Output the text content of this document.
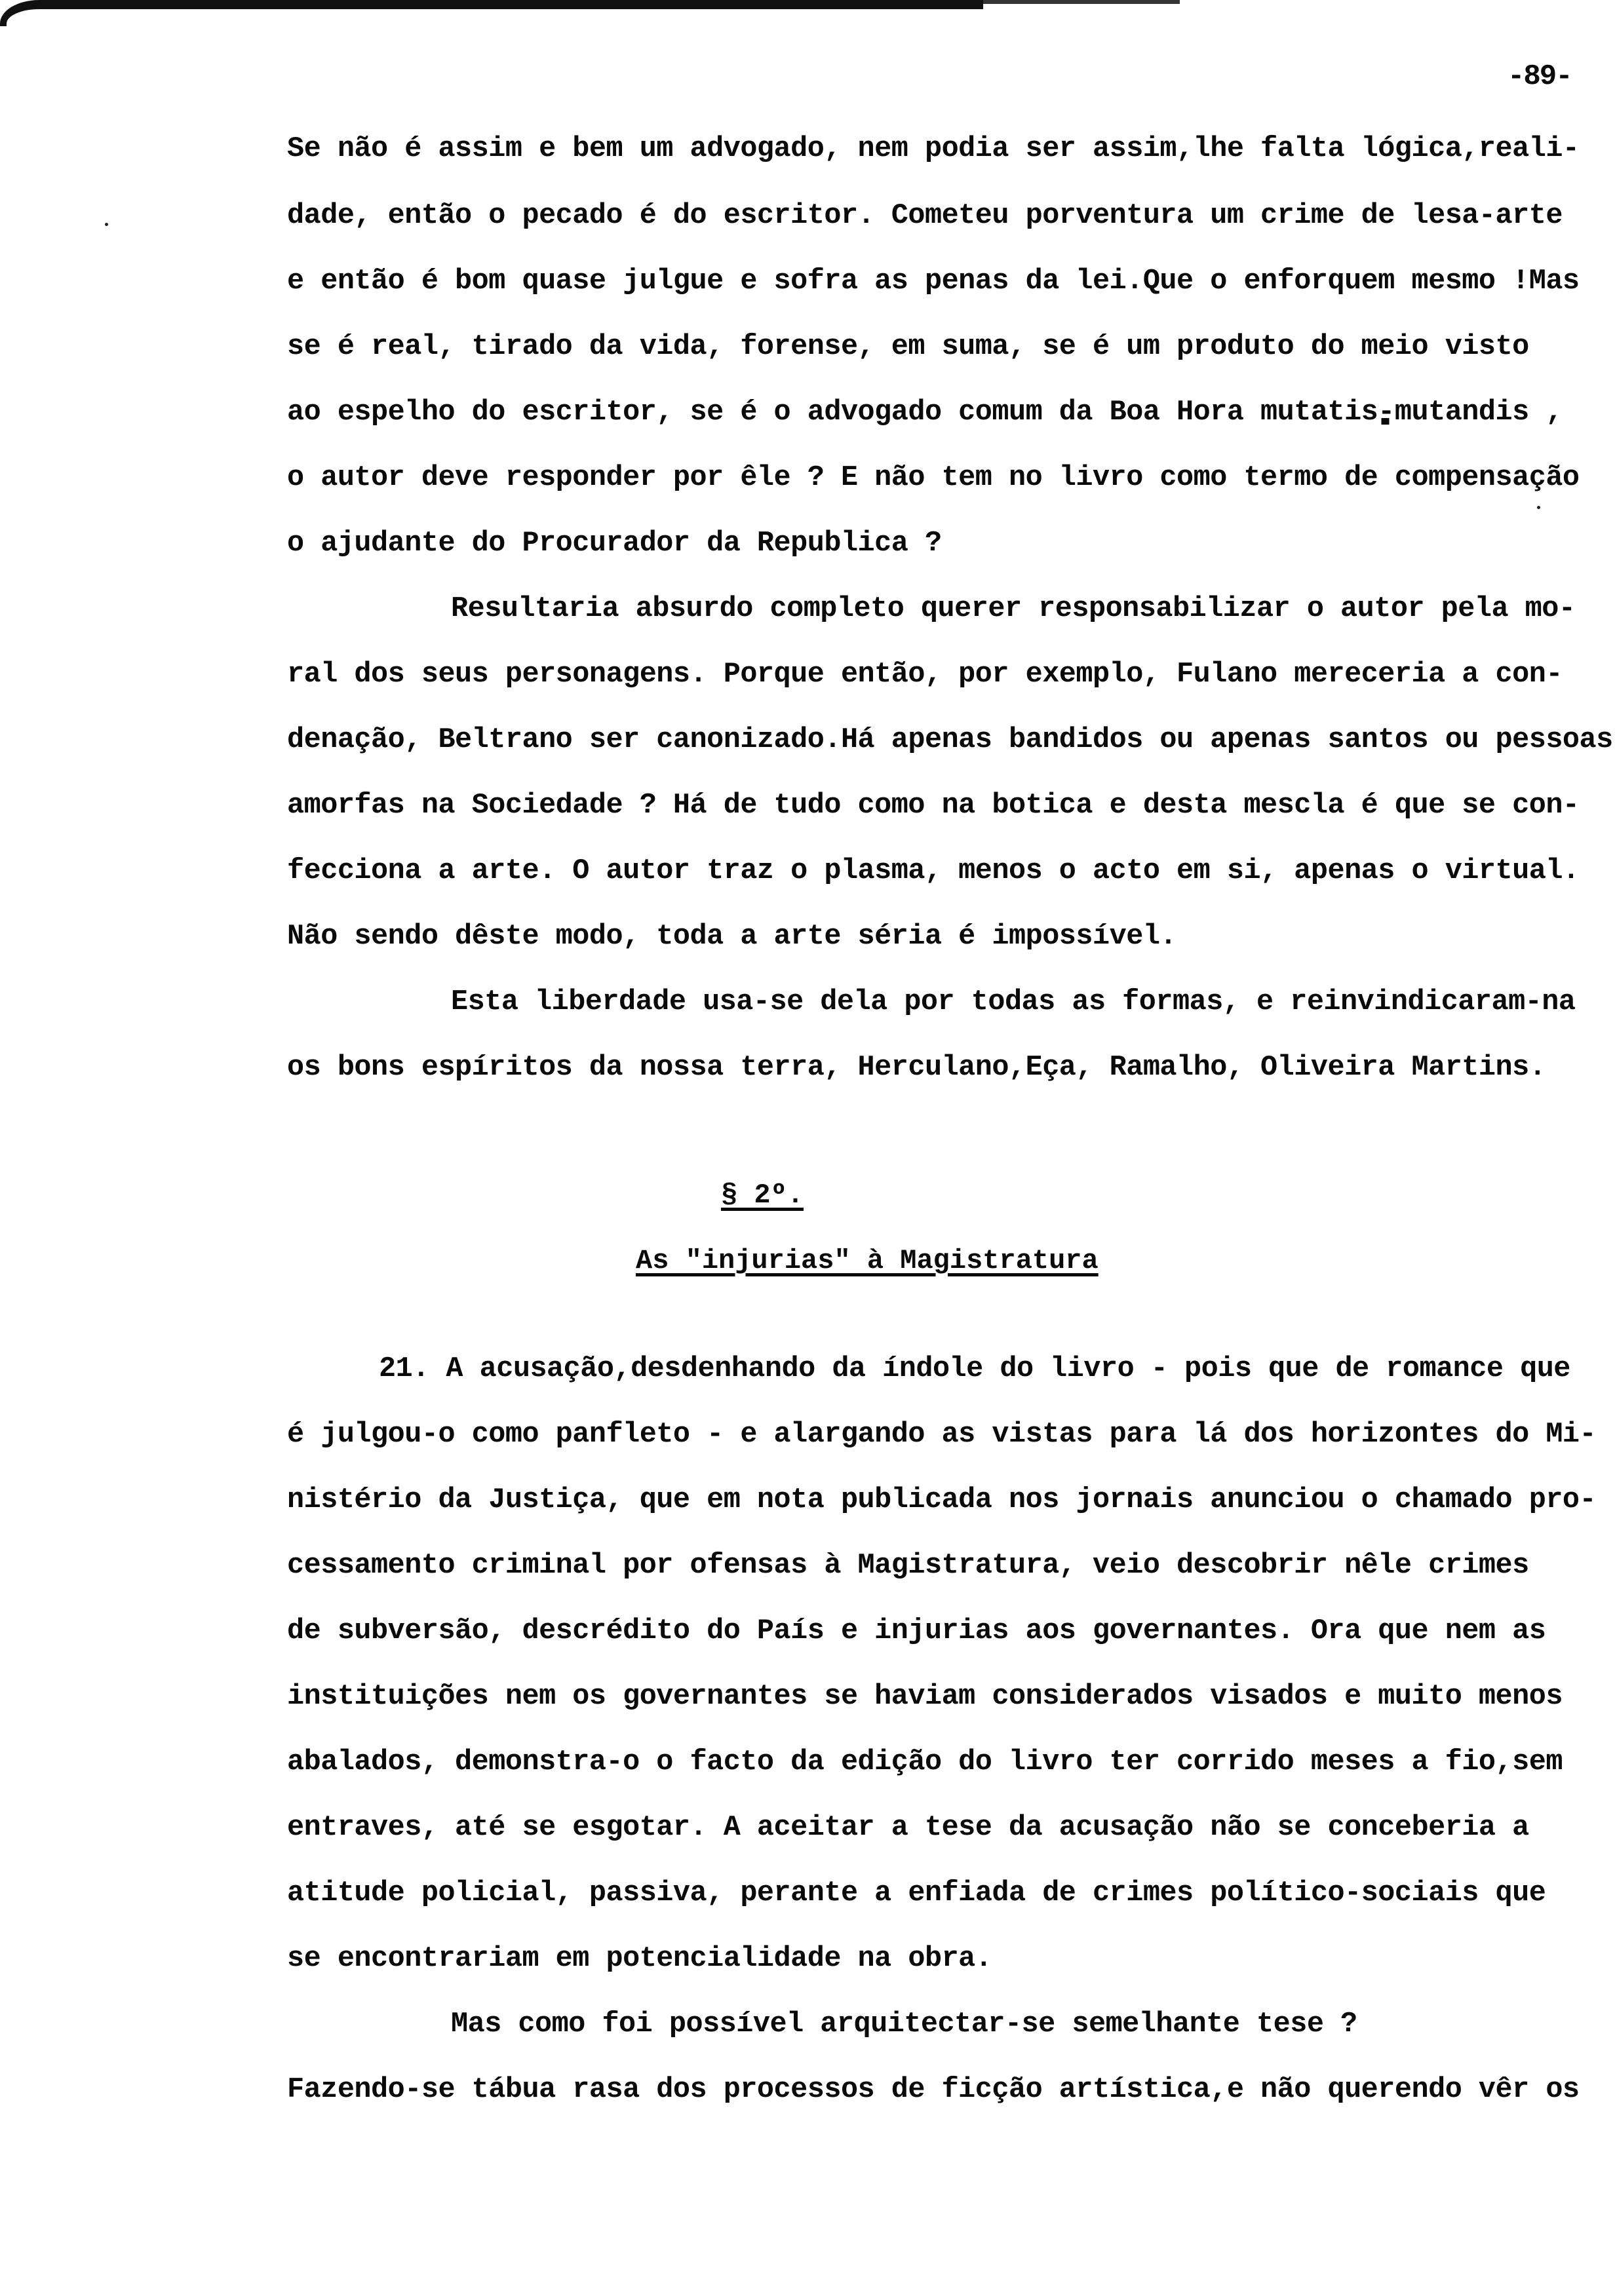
-89-
Se não é assim e bem um advogado, nem podia ser assim,lhe falta lógica,reali-
dade, então o pecado é do escritor. Cometeu porventura um crime de lesa-arte
e então é bom quase julgue e sofra as penas da lei.Que o enforquem mesmo !Mas
se é real, tirado da vida, forense, em suma, se é um produto do meio visto
ao espelho do escritor, se é o advogado comum da Boa Hora mutatis-mutandis ,
o autor deve responder por êle ? E não tem no livro como termo de compensação
o ajudante do Procurador da Republica ?
Resultaria absurdo completo querer responsabilizar o autor pela mo-
ral dos seus personagens. Porque então, por exemplo, Fulano mereceria a con-
denação, Beltrano ser canonizado.Há apenas bandidos ou apenas santos ou pessoas
amorfas na Sociedade ? Há de tudo como na botica e desta mescla é que se con-
fecciona a arte. O autor traz o plasma, menos o acto em si, apenas o virtual.
Não sendo dêste modo, toda a arte séria é impossível.
Esta liberdade usa-se dela por todas as formas, e reinvindicaram-na
os bons espíritos da nossa terra, Herculano,Eça, Ramalho, Oliveira Martins.
§ 2º.
As "injurias" à Magistratura
21. A acusação,desdenhando da índole do livro - pois que de romance que
é julgou-o como panfleto - e alargando as vistas para lá dos horizontes do Mi-
nistério da Justiça, que em nota publicada nos jornais anunciou o chamado pro-
cessamento criminal por ofensas à Magistratura, veio descobrir nêle crimes
de subversão, descrédito do País e injurias aos governantes. Ora que nem as
instituições nem os governantes se haviam considerados visados e muito menos
abalados, demonstra-o o facto da edição do livro ter corrido meses a fio,sem
entraves, até se esgotar. A aceitar a tese da acusação não se conceberia a
atitude policial, passiva, perante a enfiada de crimes político-sociais que
se encontrariam em potencialidade na obra.
Mas como foi possível arquitectar-se semelhante tese ?
Fazendo-se tábua rasa dos processos de ficção artística,e não querendo vêr os
